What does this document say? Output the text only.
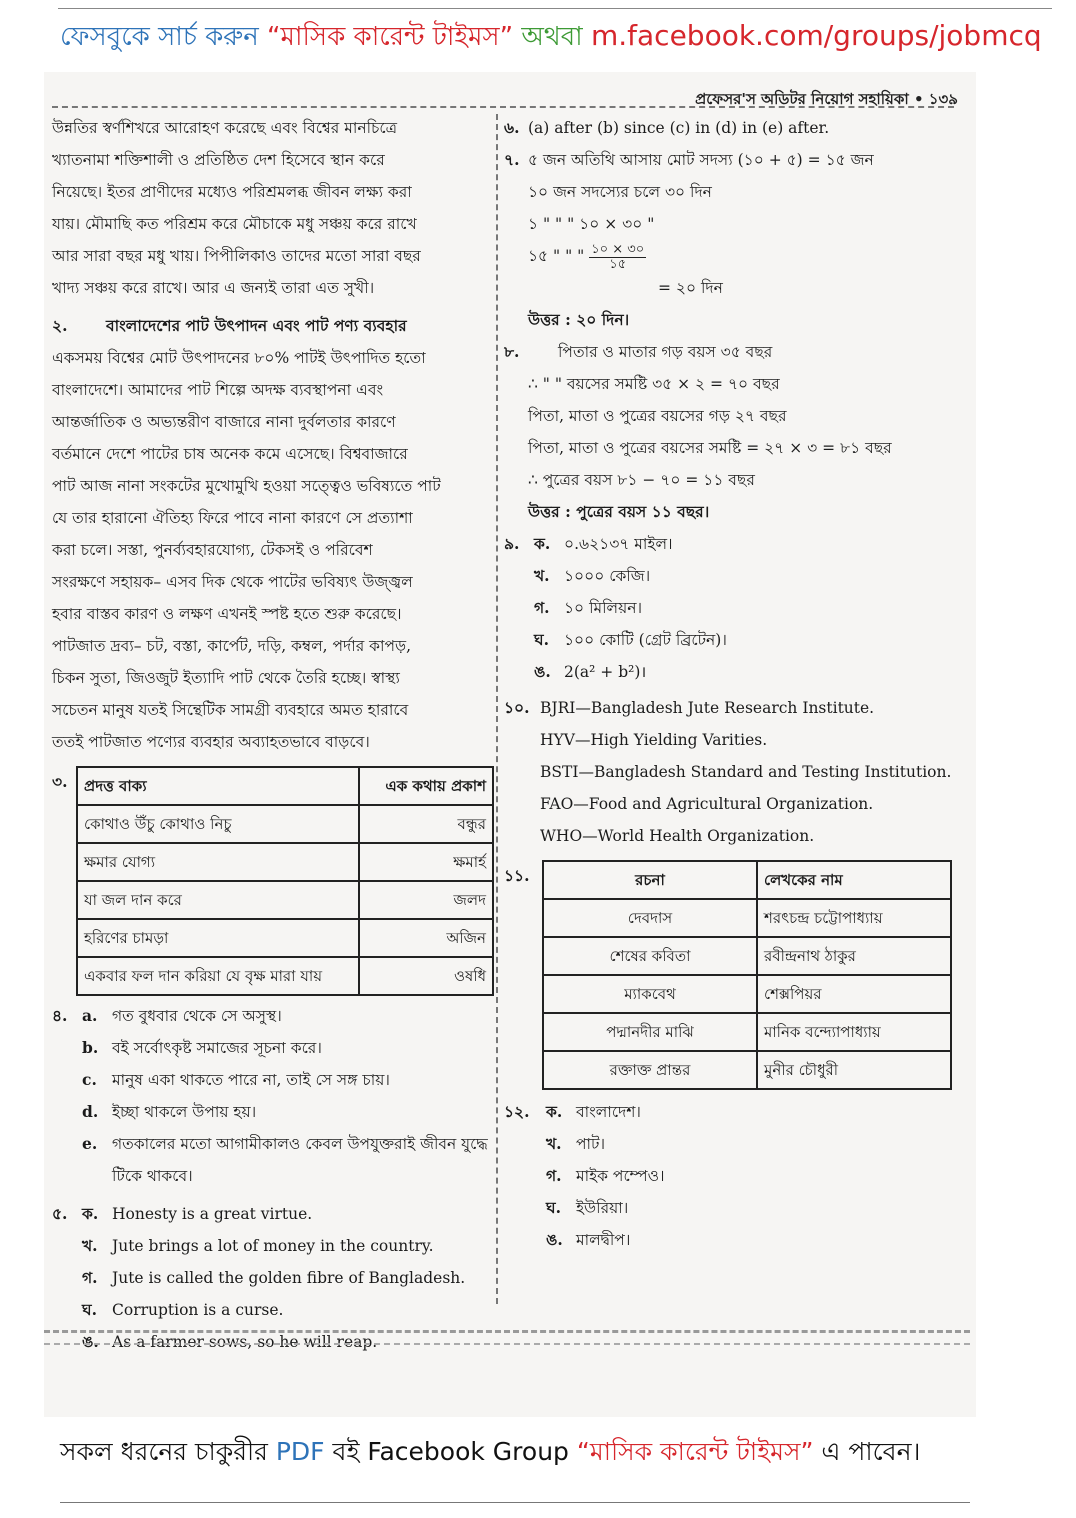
ফেসবুকে সার্চ করুন “মাসিক কারেন্ট টাইমস” অথবা m.facebook.com/groups/jobmcq
প্রফেসর'স অডিটর নিয়োগ সহায়িকা • ১৩৯
উন্নতির স্বর্ণশিখরে আরোহণ করেছে এবং বিশ্বের মানচিত্রে
খ্যাতনামা শক্তিশালী ও প্রতিষ্ঠিত দেশ হিসেবে স্থান করে
নিয়েছে। ইতর প্রাণীদের মধ্যেও পরিশ্রমলব্ধ জীবন লক্ষ্য করা
যায়। মৌমাছি কত পরিশ্রম করে মৌচাকে মধু সঞ্চয় করে রাখে
আর সারা বছর মধু খায়। পিপীলিকাও তাদের মতো সারা বছর
খাদ্য সঞ্চয় করে রাখে। আর এ জন্যই তারা এত সুখী।
২.	বাংলাদেশের পাট উৎপাদন এবং পাট পণ্য ব্যবহার
একসময় বিশ্বের মোট উৎপাদনের ৮০% পাটই উৎপাদিত হতো
বাংলাদেশে। আমাদের পাট শিল্পে অদক্ষ ব্যবস্থাপনা এবং
আন্তর্জাতিক ও অভ্যন্তরীণ বাজারে নানা দুর্বলতার কারণে
বর্তমানে দেশে পাটের চাষ অনেক কমে এসেছে। বিশ্ববাজারে
পাট আজ নানা সংকটের মুখোমুখি হওয়া সত্ত্বেও ভবিষ্যতে পাট
যে তার হারানো ঐতিহ্য ফিরে পাবে নানা কারণে সে প্রত্যাশা
করা চলে। সস্তা, পুনর্ব্যবহারযোগ্য, টেকসই ও পরিবেশ
সংরক্ষণে সহায়ক– এসব দিক থেকে পাটের ভবিষ্যৎ উজ্জ্বল
হবার বাস্তব কারণ ও লক্ষণ এখনই স্পষ্ট হতে শুরু করেছে।
পাটজাত দ্রব্য– চট, বস্তা, কার্পেট, দড়ি, কম্বল, পর্দার কাপড়,
চিকন সুতা, জিওজুট ইত্যাদি পাট থেকে তৈরি হচ্ছে। স্বাস্থ্য
সচেতন মানুষ যতই সিন্থেটিক সামগ্রী ব্যবহারে অমত হারাবে
ততই পাটজাত পণ্যের ব্যবহার অব্যাহতভাবে বাড়বে।
৩.	প্রদত্ত বাক্য	এক কথায় প্রকাশ
কোথাও উঁচু কোথাও নিচু	বন্ধুর
ক্ষমার যোগ্য	ক্ষমার্হ
যা জল দান করে	জলদ
হরিণের চামড়া	অজিন
একবার ফল দান করিয়া যে বৃক্ষ মারা যায়	ওষধি
৪. a. গত বুধবার থেকে সে অসুস্থ।
b. বই সর্বোৎকৃষ্ট সমাজের সূচনা করে।
c. মানুষ একা থাকতে পারে না, তাই সে সঙ্গ চায়।
d. ইচ্ছা থাকলে উপায় হয়।
e. গতকালের মতো আগামীকালও কেবল উপযুক্তরাই জীবন যুদ্ধে টিকে থাকবে।
৫. ক. Honesty is a great virtue.
খ. Jute brings a lot of money in the country.
গ. Jute is called the golden fibre of Bangladesh.
ঘ. Corruption is a curse.
ঙ. As a farmer sows, so he will reap.
৬. (a) after (b) since (c) in (d) in (e) after.
৭. ৫ জন অতিথি আসায় মোট সদস্য (১০ + ৫) = ১৫ জন
১০ জন সদস্যের চলে ৩০ দিন
১ " " " ১০ × ৩০ "
১৫ " " " $\frac{১০ \times ৩০}{১৫}$
= ২০ দিন
উত্তর : ২০ দিন।
৮.	পিতার ও মাতার গড় বয়স ৩৫ বছর
∴ " " বয়সের সমষ্টি ৩৫ × ২ = ৭০ বছর
পিতা, মাতা ও পুত্রের বয়সের গড় ২৭ বছর
পিতা, মাতা ও পুত্রের বয়সের সমষ্টি = ২৭ × ৩ = ৮১ বছর
∴ পুত্রের বয়স ৮১ − ৭০ = ১১ বছর
উত্তর : পুত্রের বয়স ১১ বছর।
৯. ক. ০.৬২১৩৭ মাইল।
খ. ১০০০ কেজি।
গ. ১০ মিলিয়ন।
ঘ. ১০০ কোটি (গ্রেট ব্রিটেন)।
ঙ. 2(a² + b²)।
১০. BJRI—Bangladesh Jute Research Institute.
HYV—High Yielding Varities.
BSTI—Bangladesh Standard and Testing Institution.
FAO—Food and Agricultural Organization.
WHO—World Health Organization.
১১.	রচনা	লেখকের নাম
দেবদাস	শরৎচন্দ্র চট্টোপাধ্যায়
শেষের কবিতা	রবীন্দ্রনাথ ঠাকুর
ম্যাকবেথ	শেক্সপিয়র
পদ্মানদীর মাঝি	মানিক বন্দ্যোপাধ্যায়
রক্তাক্ত প্রান্তর	মুনীর চৌধুরী
১২.	ক. বাংলাদেশ।
খ. পাট।
গ. মাইক পম্পেও।
ঘ. ইউরিয়া।
ঙ. মালদ্বীপ।
সকল ধরনের চাকুরীর PDF বই Facebook Group “মাসিক কারেন্ট টাইমস” এ পাবেন।
